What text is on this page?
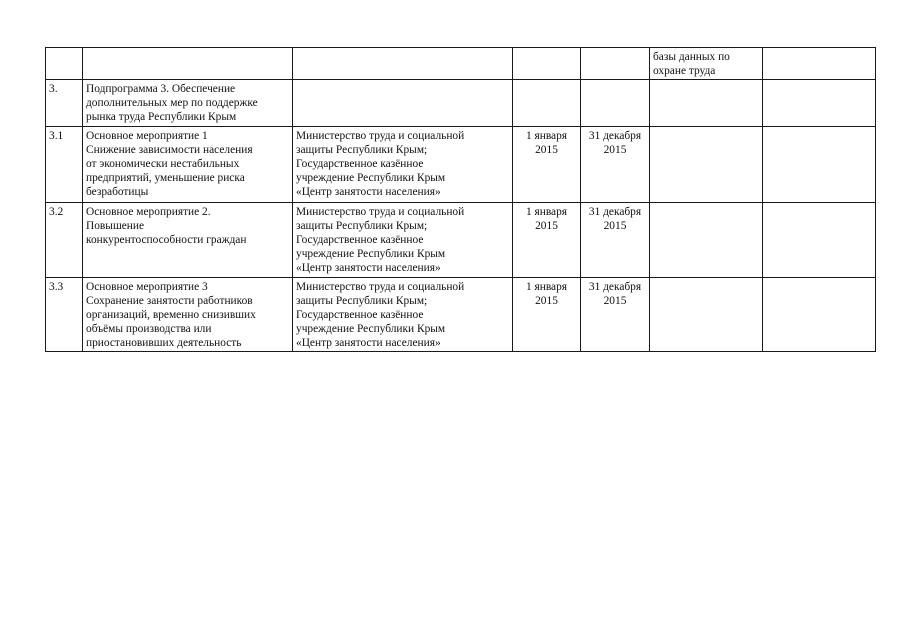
					базы данных по
охране труда	

3.	Подпрограмма 3. Обеспечение
дополнительных мер по поддержке
рынка труда Республики Крым					

3.1	Основное мероприятие 1
Снижение зависимости населения
от экономически нестабильных
предприятий, уменьшение риска
безработицы	Министерство труда и социальной
защиты Республики Крым;
Государственное казённое
учреждение Республики Крым
«Центр занятости населения»	1 января
2015	31 декабря
2015		

3.2	Основное мероприятие 2.
Повышение
конкурентоспособности граждан	Министерство труда и социальной
защиты Республики Крым;
Государственное казённое
учреждение Республики Крым
«Центр занятости населения»	1 января
2015	31 декабря
2015		

3.3	Основное мероприятие 3
Сохранение занятости работников
организаций, временно снизивших
объёмы производства или
приостановивших деятельность	Министерство труда и социальной
защиты Республики Крым;
Государственное казённое
учреждение Республики Крым
«Центр занятости населения»	1 января
2015	31 декабря
2015		
